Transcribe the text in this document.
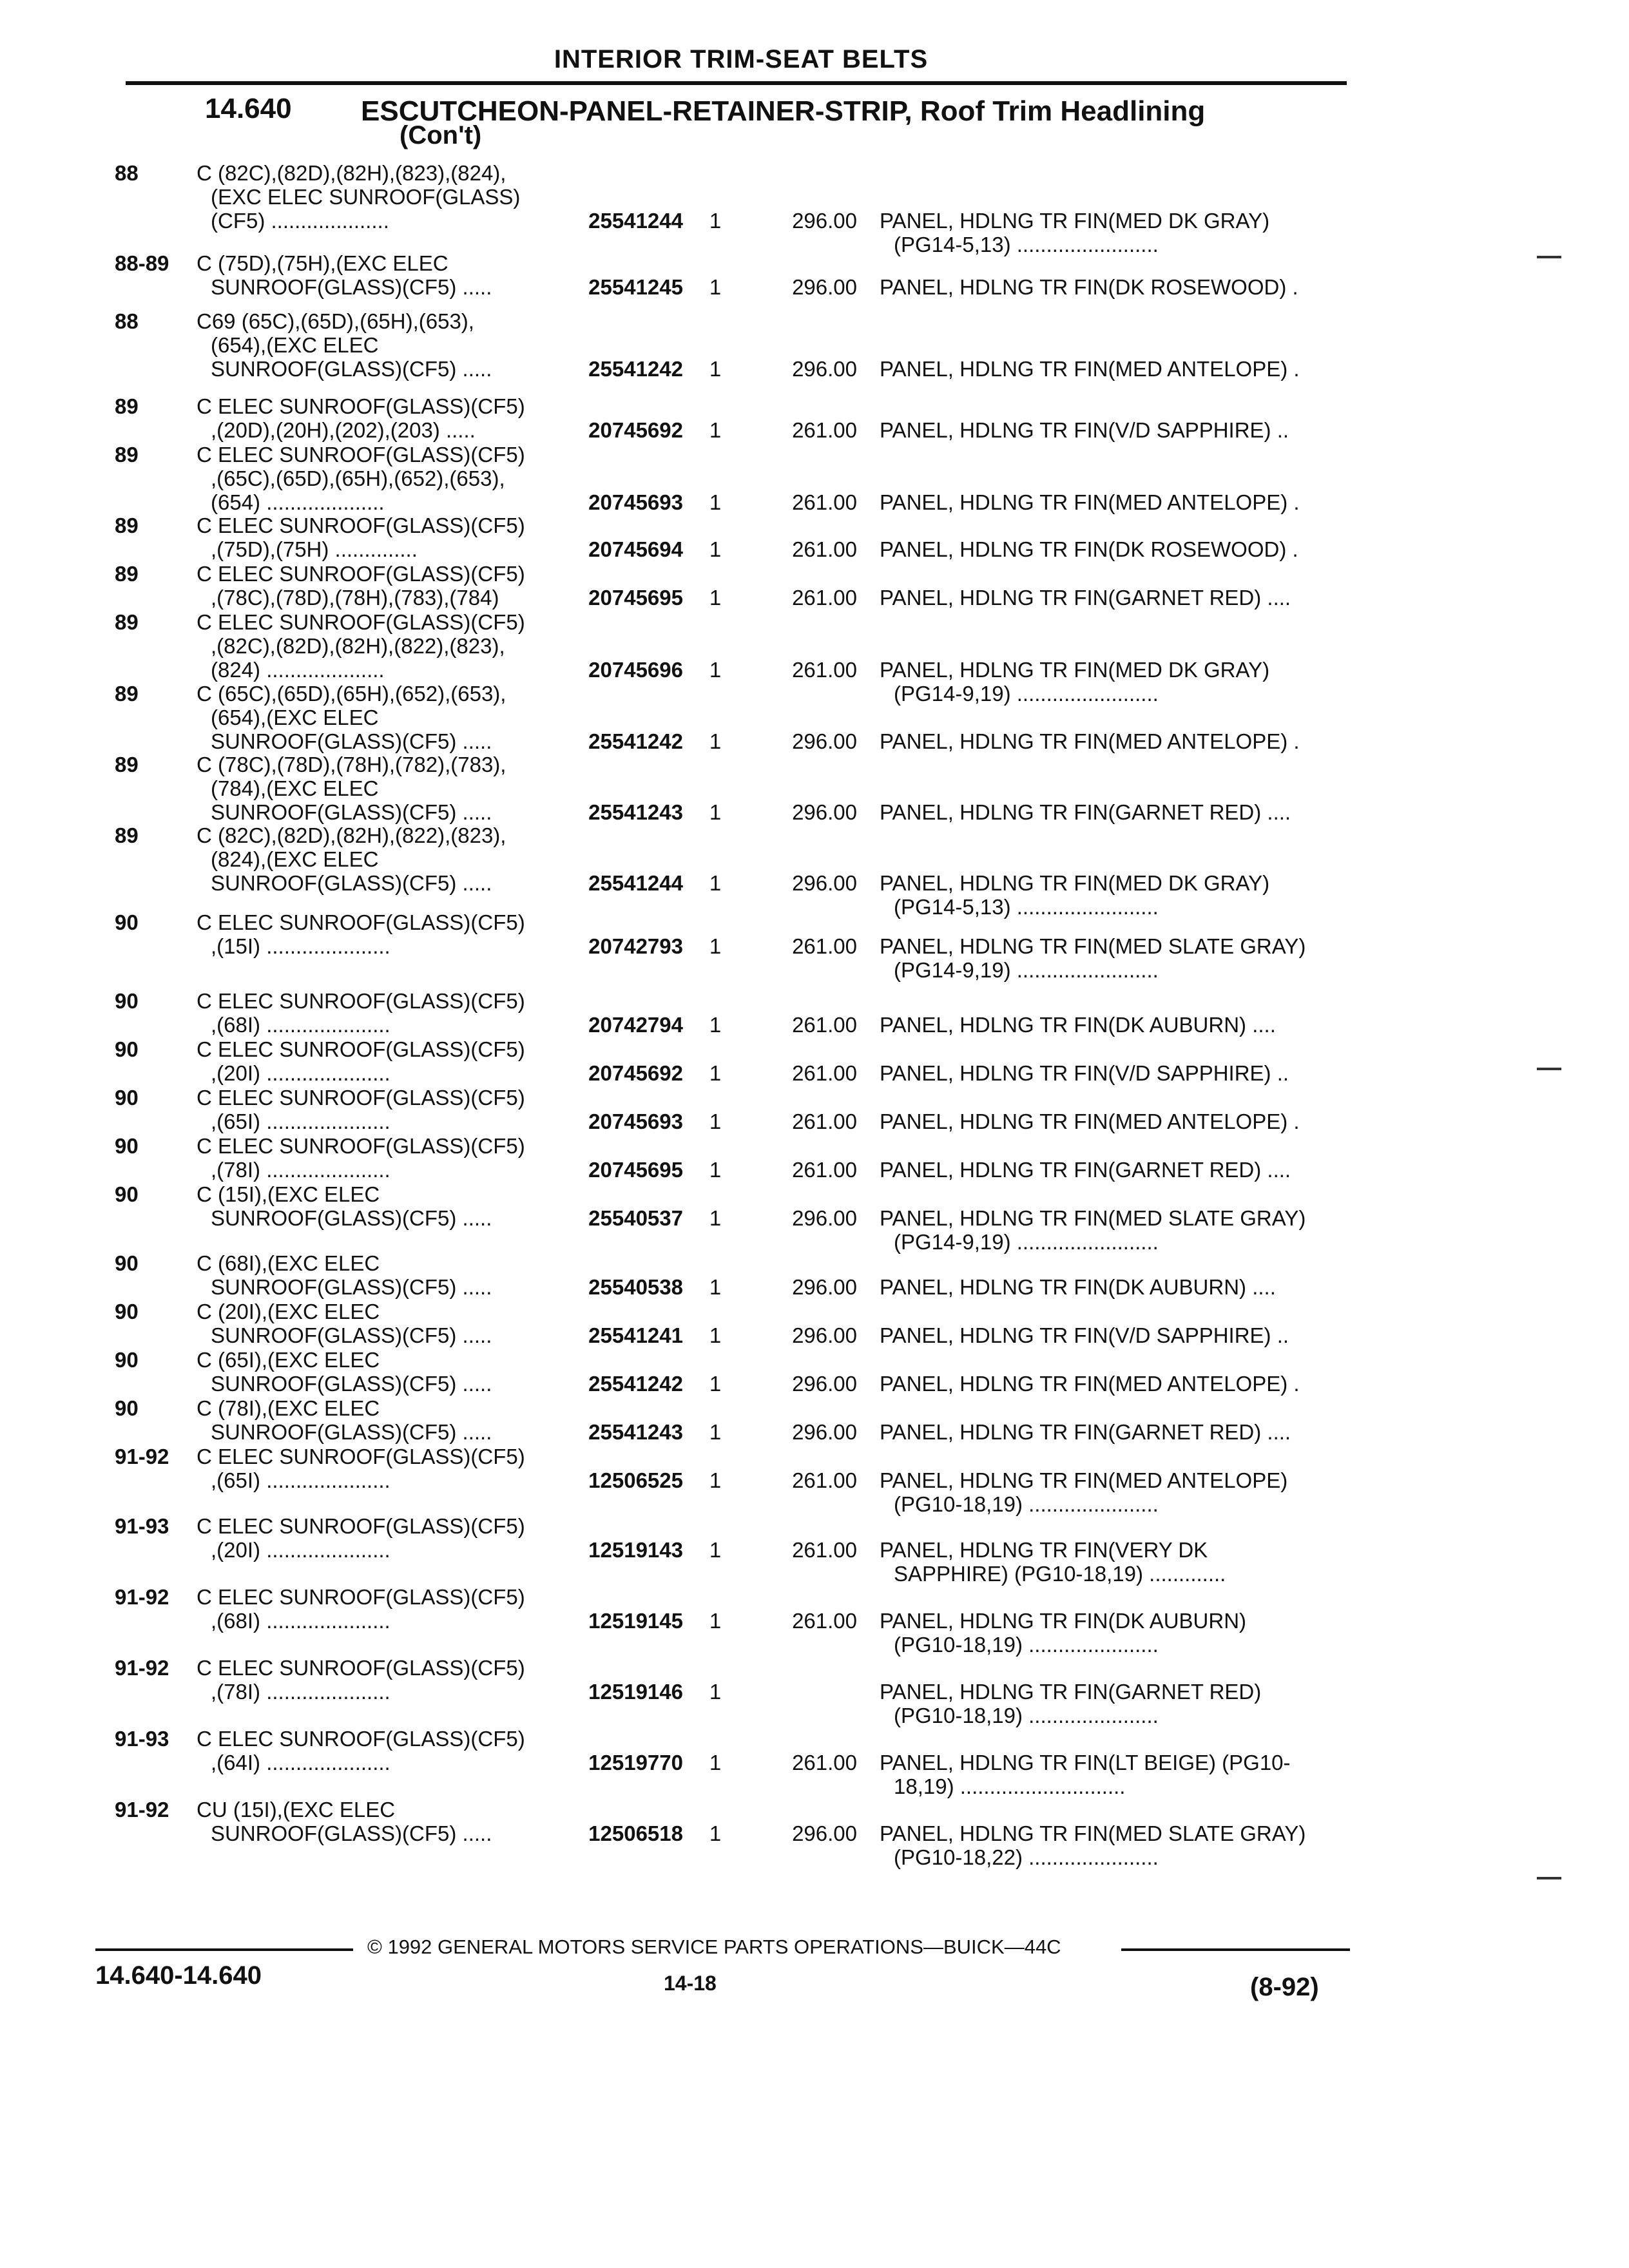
INTERIOR TRIM-SEAT BELTS
14.640 ESCUTCHEON-PANEL-RETAINER-STRIP, Roof Trim Headlining
(Con't)
88	C (82C),(82D),(82H),(823),(824),
(EXC ELEC SUNROOF(GLASS)
(CF5) ....................	25541244	1	296.00 PANEL, HDLNG TR FIN(MED DK GRAY)
(PG14-5,13) ........................
88-89 C (75D),(75H),(EXC ELEC
SUNROOF(GLASS)(CF5) .....	25541245	1	296.00 PANEL, HDLNG TR FIN(DK ROSEWOOD) .
88	C69 (65C),(65D),(65H),(653),
(654),(EXC ELEC
SUNROOF(GLASS)(CF5) .....	25541242	1	296.00 PANEL, HDLNG TR FIN(MED ANTELOPE) .
89	C ELEC SUNROOF(GLASS)(CF5)
,(20D),(20H),(202),(203) .....	20745692	1	261.00 PANEL, HDLNG TR FIN(V/D SAPPHIRE) ..
89	C ELEC SUNROOF(GLASS)(CF5)
,(65C),(65D),(65H),(652),(653),
(654) ....................	20745693	1	261.00 PANEL, HDLNG TR FIN(MED ANTELOPE) .
89	C ELEC SUNROOF(GLASS)(CF5)
,(75D),(75H) ..............	20745694	1	261.00 PANEL, HDLNG TR FIN(DK ROSEWOOD) .
89	C ELEC SUNROOF(GLASS)(CF5)
,(78C),(78D),(78H),(783),(784)	20745695	1	261.00 PANEL, HDLNG TR FIN(GARNET RED) ....
89	C ELEC SUNROOF(GLASS)(CF5)
,(82C),(82D),(82H),(822),(823),
(824) ....................	20745696	1	261.00 PANEL, HDLNG TR FIN(MED DK GRAY)
(PG14-9,19) ........................
89	C (65C),(65D),(65H),(652),(653),
(654),(EXC ELEC
SUNROOF(GLASS)(CF5) .....	25541242	1	296.00 PANEL, HDLNG TR FIN(MED ANTELOPE) .
89	C (78C),(78D),(78H),(782),(783),
(784),(EXC ELEC
SUNROOF(GLASS)(CF5) .....	25541243	1	296.00 PANEL, HDLNG TR FIN(GARNET RED) ....
89	C (82C),(82D),(82H),(822),(823),
(824),(EXC ELEC
SUNROOF(GLASS)(CF5) .....	25541244	1	296.00 PANEL, HDLNG TR FIN(MED DK GRAY)
(PG14-5,13) ........................
90	C ELEC SUNROOF(GLASS)(CF5)
,(15I) .....................	20742793	1	261.00 PANEL, HDLNG TR FIN(MED SLATE GRAY)
(PG14-9,19) ........................
90	C ELEC SUNROOF(GLASS)(CF5)
,(68I) .....................	20742794	1	261.00 PANEL, HDLNG TR FIN(DK AUBURN) ....
90	C ELEC SUNROOF(GLASS)(CF5)
,(20I) .....................	20745692	1	261.00 PANEL, HDLNG TR FIN(V/D SAPPHIRE) ..
90	C ELEC SUNROOF(GLASS)(CF5)
,(65I) .....................	20745693	1	261.00 PANEL, HDLNG TR FIN(MED ANTELOPE) .
90	C ELEC SUNROOF(GLASS)(CF5)
,(78I) .....................	20745695	1	261.00 PANEL, HDLNG TR FIN(GARNET RED) ....
90	C (15I),(EXC ELEC
SUNROOF(GLASS)(CF5) .....	25540537	1	296.00 PANEL, HDLNG TR FIN(MED SLATE GRAY)
(PG14-9,19) ........................
90	C (68I),(EXC ELEC
SUNROOF(GLASS)(CF5) .....	25540538	1	296.00 PANEL, HDLNG TR FIN(DK AUBURN) ....
90	C (20I),(EXC ELEC
SUNROOF(GLASS)(CF5) .....	25541241	1	296.00 PANEL, HDLNG TR FIN(V/D SAPPHIRE) ..
90	C (65I),(EXC ELEC
SUNROOF(GLASS)(CF5) .....	25541242	1	296.00 PANEL, HDLNG TR FIN(MED ANTELOPE) .
90	C (78I),(EXC ELEC
SUNROOF(GLASS)(CF5) .....	25541243	1	296.00 PANEL, HDLNG TR FIN(GARNET RED) ....
91-92 C ELEC SUNROOF(GLASS)(CF5)
,(65I) .....................	12506525	1	261.00 PANEL, HDLNG TR FIN(MED ANTELOPE)
(PG10-18,19) ......................
91-93 C ELEC SUNROOF(GLASS)(CF5)
,(20I) .....................	12519143	1	261.00 PANEL, HDLNG TR FIN(VERY DK
SAPPHIRE) (PG10-18,19) .............
91-92 C ELEC SUNROOF(GLASS)(CF5)
,(68I) .....................	12519145	1	261.00 PANEL, HDLNG TR FIN(DK AUBURN)
(PG10-18,19) ......................
91-92 C ELEC SUNROOF(GLASS)(CF5)
,(78I) .....................	12519146	1	PANEL, HDLNG TR FIN(GARNET RED)
(PG10-18,19) ......................
91-93 C ELEC SUNROOF(GLASS)(CF5)
,(64I) .....................	12519770	1	261.00 PANEL, HDLNG TR FIN(LT BEIGE) (PG10-
18,19) ............................
91-92 CU (15I),(EXC ELEC
SUNROOF(GLASS)(CF5) .....	12506518	1	296.00 PANEL, HDLNG TR FIN(MED SLATE GRAY)
(PG10-18,22) ......................
© 1992 GENERAL MOTORS SERVICE PARTS OPERATIONS—BUICK—44C
14.640-14.640	14-18	(8-92)
